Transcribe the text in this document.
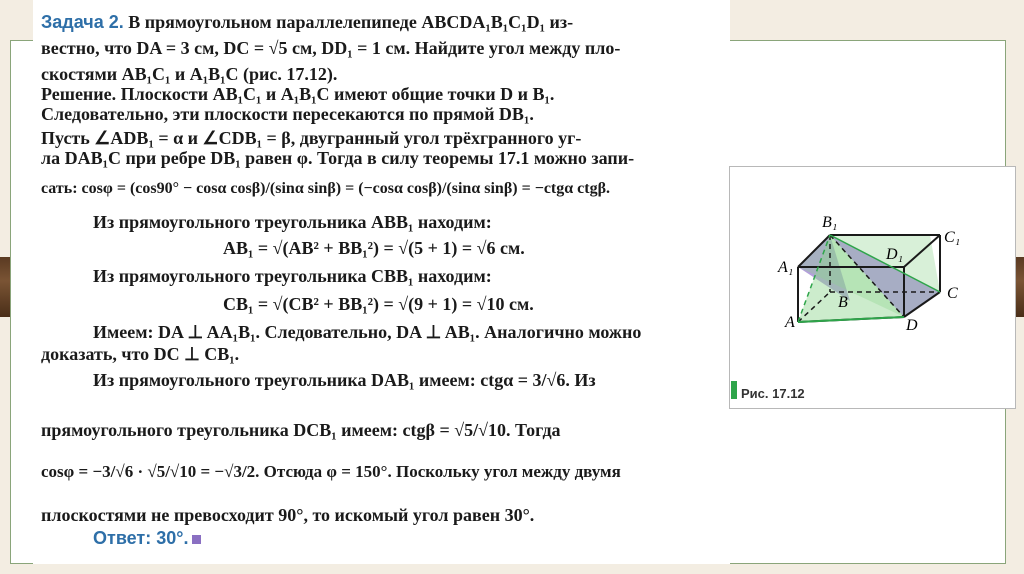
Задача 2. В прямоугольном параллелепипеде ABCDA₁B₁C₁D₁ из-
вестно, что DA = 3 см, DC = √5 см, DD₁ = 1 см. Найдите угол между пло-
скостями AB₁C₁ и A₁B₁C (рис. 17.12).
Решение. Плоскости AB₁C₁ и A₁B₁C имеют общие точки D и B₁.
Следовательно, эти плоскости пересекаются по прямой DB₁.
Пусть ∠ADB₁ = α и ∠CDB₁ = β, двугранный угол трёхгранного уг-
ла DAB₁C при ребре DB₁ равен φ. Тогда в силу теоремы 17.1 можно запи-
сать: cosφ = (cos90° − cosα cosβ)/(sinα sinβ) = (−cosα cosβ)/(sinα sinβ) = −ctgα ctgβ.
Из прямоугольного треугольника ABB₁ находим:
AB₁ = √(AB² + BB₁²) = √(5 + 1) = √6 см.
Из прямоугольного треугольника CBB₁ находим:
CB₁ = √(CB² + BB₁²) = √(9 + 1) = √10 см.
Имеем: DA ⊥ AA₁B₁. Следовательно, DA ⊥ AB₁. Аналогично можно
доказать, что DC ⊥ CB₁.
Из прямоугольного треугольника DAB₁ имеем: ctgα = 3/√6. Из
прямоугольного треугольника DCB₁ имеем: ctgβ = √5/√10. Тогда
cosφ = −3/√6 · √5/√10 = −√3/2. Отсюда φ = 150°. Поскольку угол между двумя
плоскостями не превосходит 90°, то искомый угол равен 30°.
Ответ: 30°.
B₁
C₁
D₁
A₁
B
C
A	D
Рис. 17.12
